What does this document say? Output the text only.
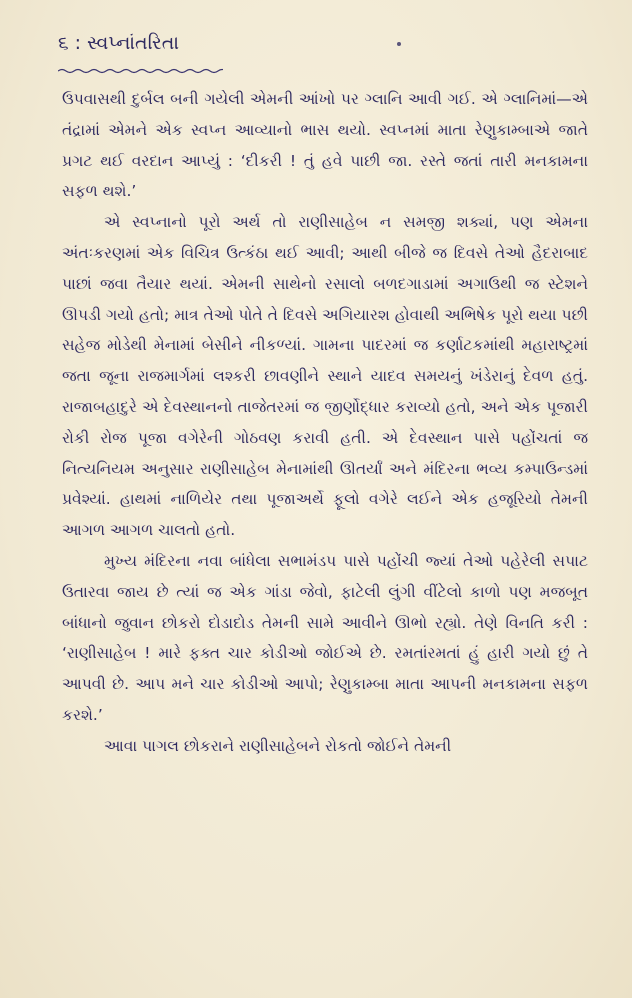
૬ : સ્વપ્નાંતરિતા

ઉપવાસથી દુર્બલ બની ગયેલી એમની આંખો પર ગ્લાનિ આવી ગઈ. એ ગ્લાનિમાં—એ તંદ્રામાં એમને એક સ્વપ્ન આવ્યાનો ભાસ થયો. સ્વપ્નમાં માતા રેણુકામ્બાએ જાતે પ્રગટ થઈ વરદાન આપ્યું : ‘દીકરી ! તું હવે પાછી જા. રસ્તે જતાં તારી મનકામના સફળ થશે.’

એ સ્વપ્નાનો પૂરો અર્થ તો રાણીસાહેબ ન સમજી શક્યાં, પણ એમના અંતઃકરણમાં એક વિચિત્ર ઉત્કંઠા થઈ આવી; આથી બીજે જ દિવસે તેઓ હૈદરાબાદ પાછાં જવા તૈયાર થયાં. એમની સાથેનો રસાલો બળદગાડામાં અગાઉથી જ સ્ટેશને ઊપડી ગયો હતો; માત્ર તેઓ પોતે તે દિવસે અગિયારશ હોવાથી અભિષેક પૂરો થયા પછી સહેજ મોડેથી મેનામાં બેસીને નીકળ્યાં. ગામના પાદરમાં જ કર્ણાટકમાંથી મહારાષ્ટ્રમાં જતા જૂના રાજમાર્ગમાં લશ્કરી છાવણીને સ્થાને યાદવ સમયનું ખંડેરાનું દેવળ હતું. રાજાબહાદુરે એ દેવસ્થાનનો તાજેતરમાં જ જીર્ણોદ્ધાર કરાવ્યો હતો, અને એક પૂજારી રોકી રોજ પૂજા વગેરેની ગોઠવણ કરાવી હતી. એ દેવસ્થાન પાસે પહોંચતાં જ નિત્યનિયમ અનુસાર રાણીસાહેબ મેનામાંથી ઊતર્યાં અને મંદિરના ભવ્ય કમ્પાઉન્ડમાં પ્રવેશ્યાં. હાથમાં નાળિયેર તથા પૂજાઅર્થે ફૂલો વગેરે લઈને એક હજૂરિયો તેમની આગળ આગળ ચાલતો હતો.

મુખ્ય મંદિરના નવા બાંધેલા સભામંડપ પાસે પહોંચી જ્યાં તેઓ પહેરેલી સપાટ ઉતારવા જાય છે ત્યાં જ એક ગાંડા જેવો, ફાટેલી લુંગી વીંટેલો કાળો પણ મજબૂત બાંધાનો જુવાન છોકરો દોડાદોડ તેમની સામે આવીને ઊભો રહ્યો. તેણે વિનતિ કરી : ‘રાણીસાહેબ ! મારે ફક્ત ચાર કોડીઓ જોઈએ છે. રમતાંરમતાં હું હારી ગયો છું તે આપવી છે. આપ મને ચાર કોડીઓ આપો; રેણુકામ્બા માતા આપની મનકામના સફળ કરશે.’

આવા પાગલ છોકરાને રાણીસાહેબને રોકતો જોઈને તેમની
